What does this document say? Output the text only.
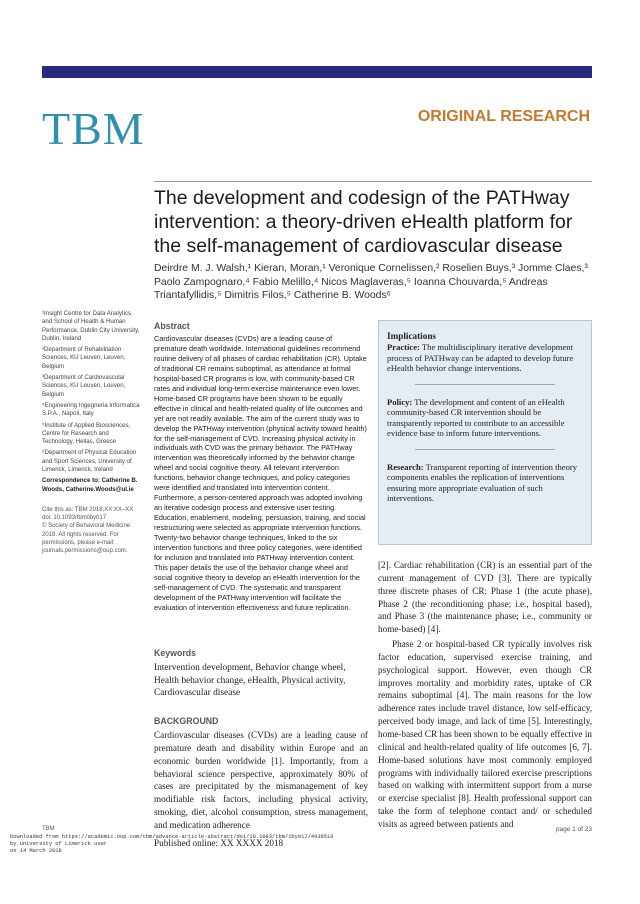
TBM	ORIGINAL RESEARCH
The development and codesign of the PATHway intervention: a theory-driven eHealth platform for the self-management of cardiovascular disease
Deirdre M. J. Walsh,¹ Kieran, Moran,¹ Veronique Cornelissen,² Roselien Buys,³ Jomme Claes,³ Paolo Zampognaro,⁴ Fabio Melillo,⁴ Nicos Maglaveras,⁵ Ioanna Chouvarda,⁵ Andreas Triantafyllidis,⁵ Dimitris Filos,⁵ Catherine B. Woods⁶

¹Insight Centre for Data Analytics and School of Health & Human Performance, Dublin City University, Dublin, Ireland

²Department of Rehabilitation Sciences, KU Leuven, Leuven, Belgium

³Department of Cardiovascular Sciences, KU Leuven, Leuven, Belgium

⁴Engineering Ingegneria Informatica S.P.A., Napoli, Italy

⁵Institute of Applied Biosciences, Centre for Research and Technology, Hellas, Greece

⁶Department of Physical Education and Sport Sciences, University of Limerick, Limerick, Ireland

Correspondence to: Catherine B. Woods, Catherine.Woods@ul.ie

Cite this as: TBM 2018;XX:XX–XX

doi: 10.1093/tbm/iby017

© Society of Behavioral Medicine 2018. All rights reserved. For permissions, please e-mail: journals.permissions@oup.com.

Abstract

Cardiovascular diseases (CVDs) are a leading cause of premature death worldwide. International guidelines recommend routine delivery of all phases of cardiac rehabilitation (CR). Uptake of traditional CR remains suboptimal, as attendance at formal hospital-based CR programs is low, with community-based CR rates and individual long-term exercise maintenance even lower. Home-based CR programs have been shown to be equally effective in clinical and health-related quality of life outcomes and yet are not readily available. The aim of the current study was to develop the PATHway intervention (physical activity toward health) for the self-management of CVD. Increasing physical activity in individuals with CVD was the primary behavior. The PATHway intervention was theoretically informed by the behavior change wheel and social cognitive theory. All relevant intervention functions, behavior change techniques, and policy categories were identified and translated into intervention content. Furthermore, a person-centered approach was adopted involving an iterative codesign process and extensive user testing. Education, enablement, modeling, persuasion, training, and social restructuring were selected as appropriate intervention functions. Twenty-two behavior change techniques, linked to the six intervention functions and three policy categories, were identified for inclusion and translated into PATHway intervention content. This paper details the use of the behavior change wheel and social cognitive theory to develop an eHealth intervention for the self-management of CVD. The systematic and transparent development of the PATHway intervention will facilitate the evaluation of intervention effectiveness and future replication.

Keywords

Intervention development, Behavior change wheel, Health behavior change, eHealth, Physical activity, Cardiovascular disease

BACKGROUND

Cardiovascular diseases (CVDs) are a leading cause of premature death and disability within Europe and an economic burden worldwide [1]. Importantly, from a behavioral science perspective, approximately 80% of cases are precipitated by the mismanagement of key modifiable risk factors, including physical activity, smoking, diet, alcohol consumption, stress management, and medication adherence

Implications

Practice: The multidisciplinary iterative development process of PATHway can be adapted to develop future eHealth behavior change interventions.

Policy: The development and content of an eHealth community-based CR intervention should be transparently reported to contribute to an accessible evidence base to inform future interventions.

Research: Transparent reporting of intervention theory components enables the replication of interventions ensuring more appropriate evaluation of such interventions.

[2]. Cardiac rehabilitation (CR) is an essential part of the current management of CVD [3]. There are typically three discrete phases of CR: Phase 1 (the acute phase), Phase 2 (the reconditioning phase; i.e., hospital based), and Phase 3 (the maintenance phase; i.e., community or home-based) [4].

Phase 2 or hospital-based CR typically involves risk factor education, supervised exercise training, and psychological support. However, even though CR improves mortality and morbidity rates, uptake of CR remains suboptimal [4]. The main reasons for the low adherence rates include travel distance, low self-efficacy, perceived body image, and lack of time [5]. Interestingly, home-based CR has been shown to be equally effective in clinical and health-related quality of life outcomes [6, 7]. Home-based solutions have most commonly employed programs with individually tailored exercise prescriptions based on walking with intermittent support from a nurse or exercise specialist [8]. Health professional support can take the form of telephone contact and/ or scheduled visits as agreed between patients and

TBM
Downloaded from https://academic.oup.com/tbm/advance-article-abstract/doi/10.1093/tbm/iby017/4939519
by University of Limerick user
on 14 March 2018
Published online: XX XXXX 2018
page 1 of 23
